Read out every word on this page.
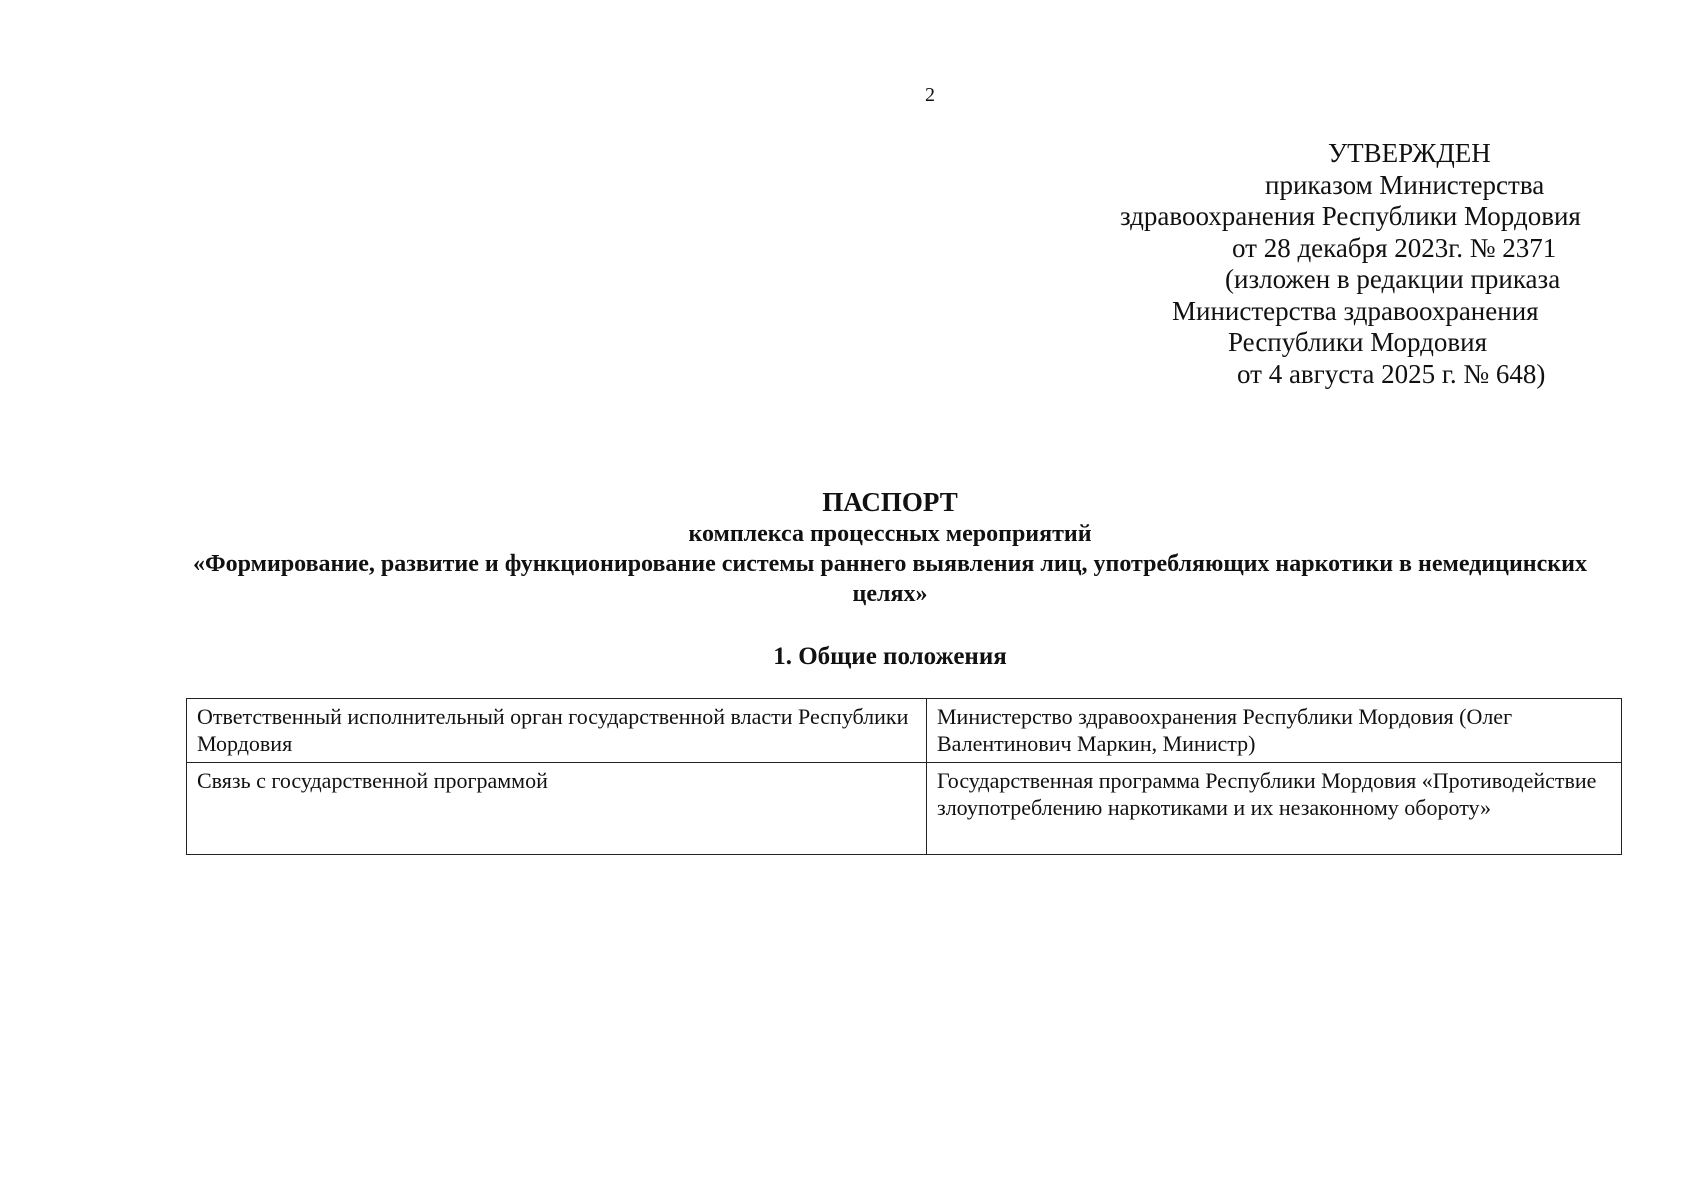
2
УТВЕРЖДЕН
приказом Министерства
здравоохранения Республики Мордовия
от 28 декабря 2023г. № 2371
(изложен в редакции приказа
Министерства здравоохранения
Республики Мордовия
от 4 августа 2025 г. № 648)
ПАСПОРТ
комплекса процессных мероприятий
«Формирование, развитие и функционирование системы раннего выявления лиц, употребляющих наркотики в немедицинских целях»
1. Общие положения
Ответственный исполнительный орган государственной власти Республики Мордовия	Министерство здравоохранения Республики Мордовия (Олег Валентинович Маркин, Министр)
Связь с государственной программой	Государственная программа Республики Мордовия «Противодействие злоупотреблению наркотиками и их незаконному обороту»
